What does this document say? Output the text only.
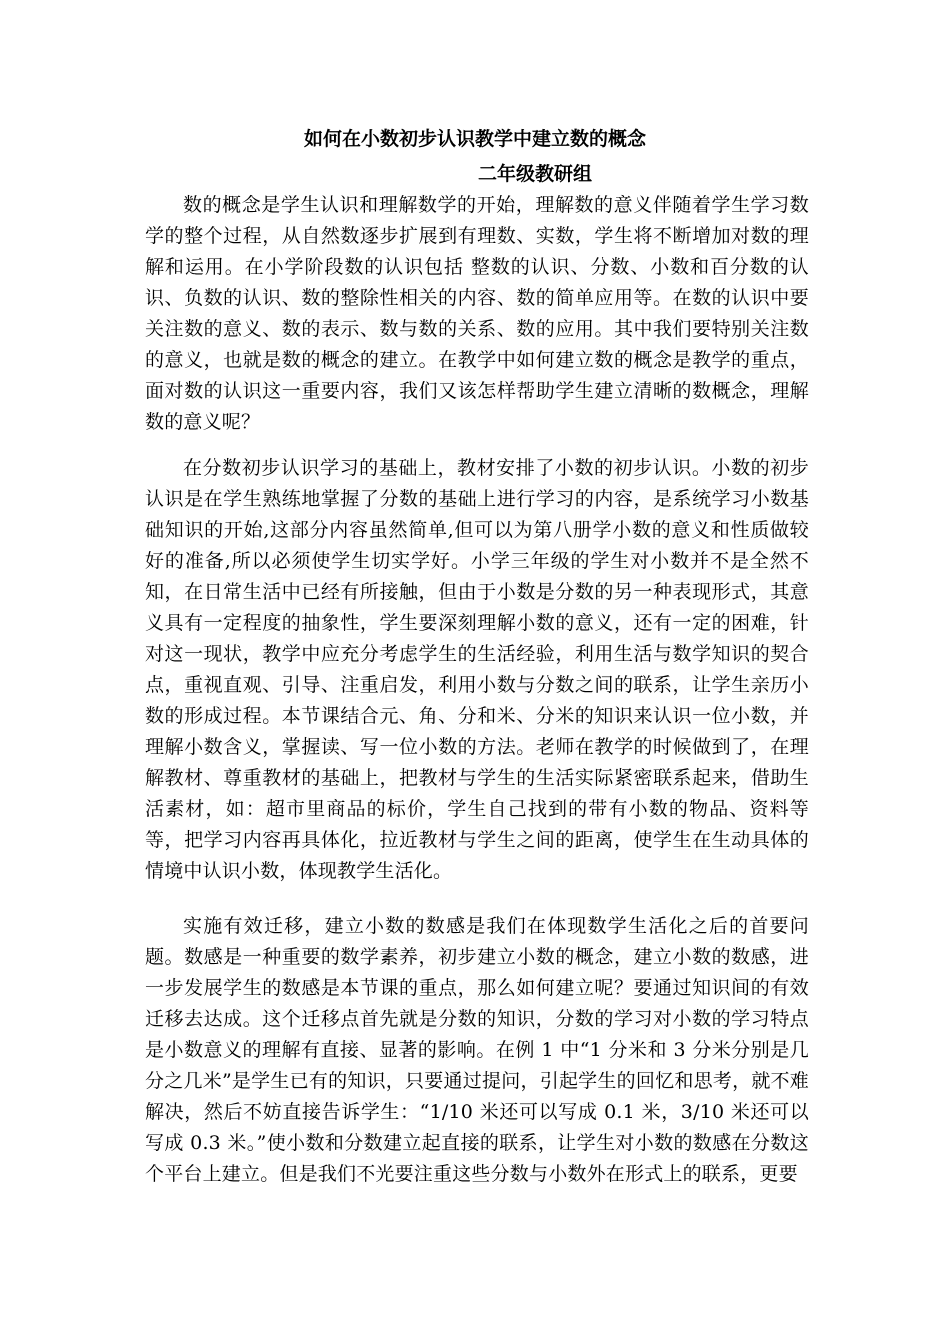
如何在小数初步认识教学中建立数的概念
二年级教研组

数的概念是学生认识和理解数学的开始，理解数的意义伴随着学生学习数学的整个过程，从自然数逐步扩展到有理数、实数，学生将不断增加对数的理解和运用。在小学阶段数的认识包括 整数的认识、分数、小数和百分数的认识、负数的认识、数的整除性相关的内容、数的简单应用等。在数的认识中要关注数的意义、数的表示、数与数的关系、数的应用。其中我们要特别关注数的意义，也就是数的概念的建立。在教学中如何建立数的概念是教学的重点，面对数的认识这一重要内容，我们又该怎样帮助学生建立清晰的数概念，理解数的意义呢？

在分数初步认识学习的基础上，教材安排了小数的初步认识。小数的初步认识是在学生熟练地掌握了分数的基础上进行学习的内容，是系统学习小数基础知识的开始,这部分内容虽然简单,但可以为第八册学小数的意义和性质做较好的准备,所以必须使学生切实学好。小学三年级的学生对小数并不是全然不知，在日常生活中已经有所接触，但由于小数是分数的另一种表现形式，其意义具有一定程度的抽象性，学生要深刻理解小数的意义，还有一定的困难，针对这一现状，教学中应充分考虑学生的生活经验，利用生活与数学知识的契合点，重视直观、引导、注重启发，利用小数与分数之间的联系，让学生亲历小数的形成过程。本节课结合元、角、分和米、分米的知识来认识一位小数，并理解小数含义，掌握读、写一位小数的方法。老师在教学的时候做到了，在理解教材、尊重教材的基础上，把教材与学生的生活实际紧密联系起来，借助生活素材，如：超市里商品的标价，学生自己找到的带有小数的物品、资料等等，把学习内容再具体化，拉近教材与学生之间的距离，使学生在生动具体的情境中认识小数，体现教学生活化。

实施有效迁移，建立小数的数感是我们在体现数学生活化之后的首要问题。数感是一种重要的数学素养，初步建立小数的概念，建立小数的数感，进一步发展学生的数感是本节课的重点，那么如何建立呢？要通过知识间的有效迁移去达成。这个迁移点首先就是分数的知识，分数的学习对小数的学习特点是小数意义的理解有直接、显著的影响。在例 1 中“1 分米和 3 分米分别是几分之几米”是学生已有的知识，只要通过提问，引起学生的回忆和思考，就不难解决，然后不妨直接告诉学生：“1/10 米还可以写成 0.1 米，3/10 米还可以写成 0.3 米。”使小数和分数建立起直接的联系，让学生对小数的数感在分数这个平台上建立。但是我们不光要注重这些分数与小数外在形式上的联系，更要
